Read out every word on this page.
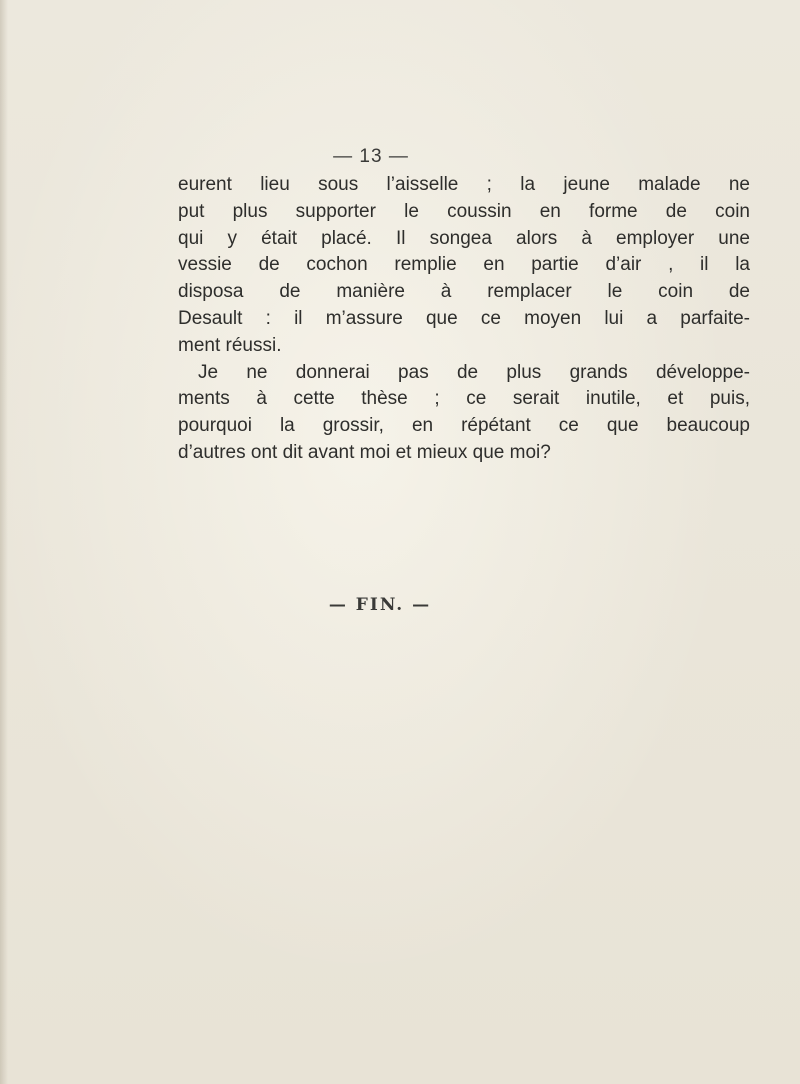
— 13 —
eurent lieu sous l’aisselle ; la jeune malade ne
put plus supporter le coussin en forme de coin
qui y était placé. Il songea alors à employer une
vessie de cochon remplie en partie d’air , il la
disposa de manière à remplacer le coin de
Desault : il m’assure que ce moyen lui a parfaite-
ment réussi.
Je ne donnerai pas de plus grands développe-
ments à cette thèse ; ce serait inutile, et puis,
pourquoi la grossir, en répétant ce que beaucoup
d’autres ont dit avant moi et mieux que moi?
— FIN. —
